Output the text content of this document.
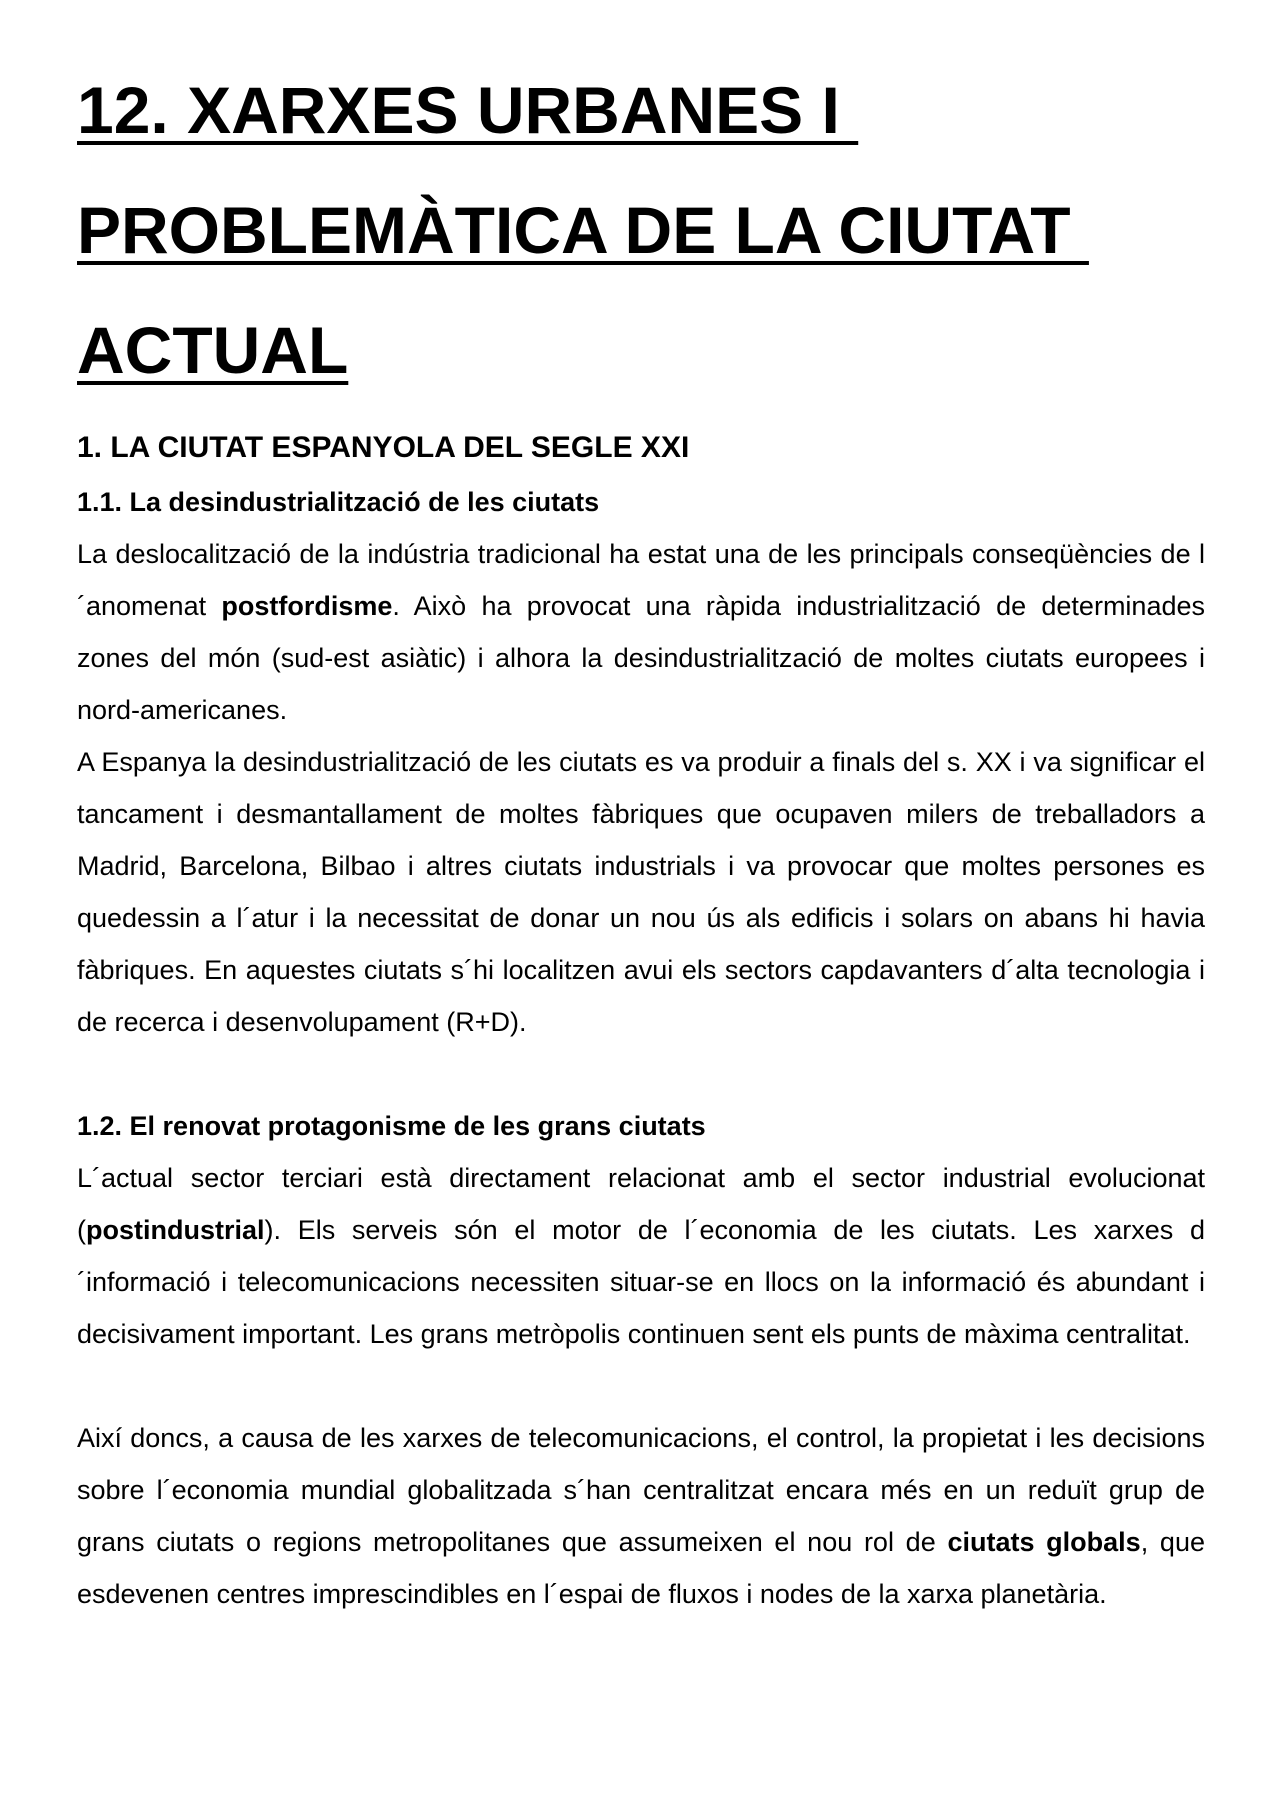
12. XARXES URBANES I
PROBLEMÀTICA DE LA CIUTAT
ACTUAL
1. LA CIUTAT ESPANYOLA DEL SEGLE XXI
1.1. La desindustrialització de les ciutats

La deslocalització de la indústria tradicional ha estat una de les principals conseqüències de l´anomenat postfordisme. Això ha provocat una ràpida industrialització de determinades zones del món (sud-est asiàtic) i alhora la desindustrialització de moltes ciutats europees i nord-americanes.

A Espanya la desindustrialització de les ciutats es va produir a finals del s. XX i va significar el tancament i desmantallament de moltes fàbriques que ocupaven milers de treballadors a Madrid, Barcelona, Bilbao i altres ciutats industrials i va provocar que moltes persones es quedessin a l´atur i la necessitat de donar un nou ús als edificis i solars on abans hi havia fàbriques. En aquestes ciutats s´hi localitzen avui els sectors capdavanters d´alta tecnologia i de recerca i desenvolupament (R+D).

1.2. El renovat protagonisme de les grans ciutats

L´actual sector terciari està directament relacionat amb el sector industrial evolucionat (postindustrial). Els serveis són el motor de l´economia de les ciutats. Les xarxes d´informació i telecomunicacions necessiten situar-se en llocs on la informació és abundant i decisivament important. Les grans metròpolis continuen sent els punts de màxima centralitat.

Així doncs, a causa de les xarxes de telecomunicacions, el control, la propietat i les decisions sobre l´economia mundial globalitzada s´han centralitzat encara més en un reduït grup de grans ciutats o regions metropolitanes que assumeixen el nou rol de ciutats globals, que esdevenen centres imprescindibles en l´espai de fluxos i nodes de la xarxa planetària.
